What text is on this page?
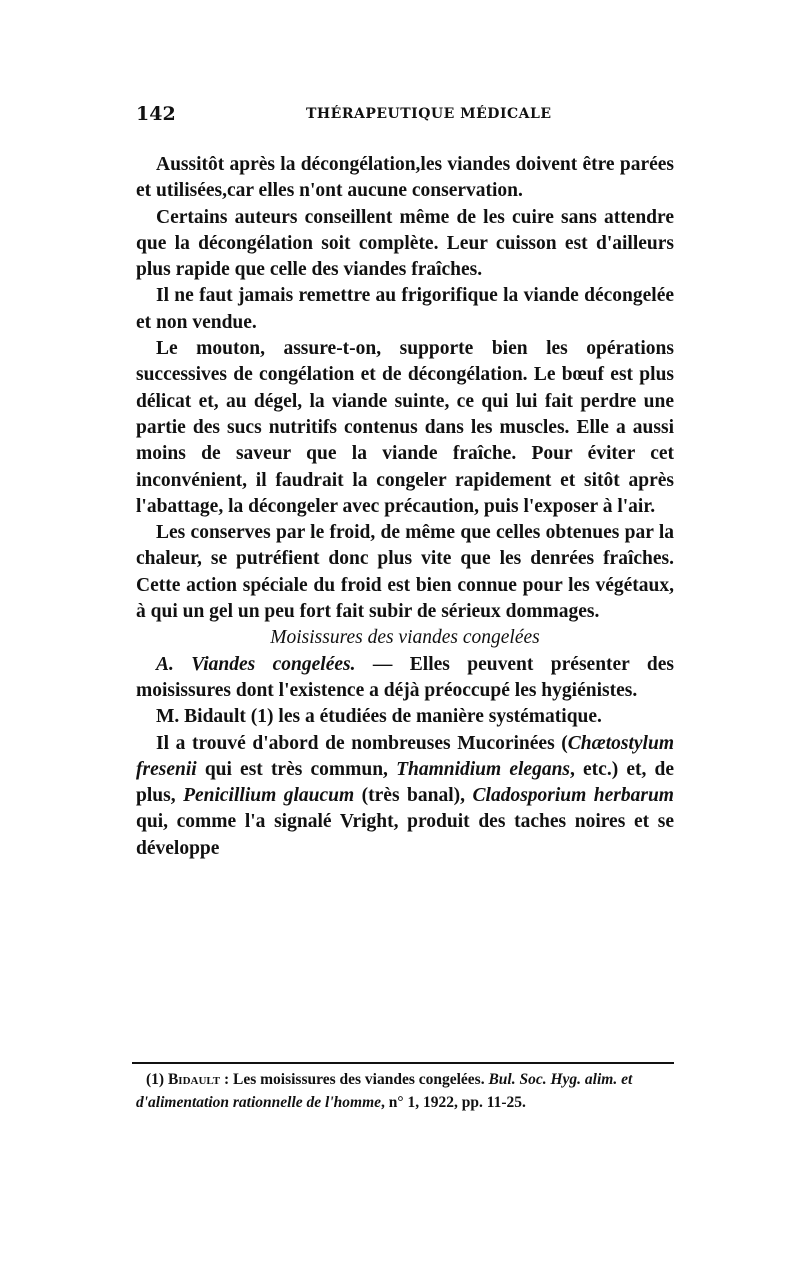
142	THÉRAPEUTIQUE MÉDICALE

Aussitôt après la décongélation,les viandes doivent être parées et utilisées,car elles n'ont aucune conservation.

Certains auteurs conseillent même de les cuire sans attendre que la décongélation soit complète. Leur cuisson est d'ailleurs plus rapide que celle des viandes fraîches.

Il ne faut jamais remettre au frigorifique la viande décongelée et non vendue.

Le mouton, assure-t-on, supporte bien les opérations successives de congélation et de décongélation. Le bœuf est plus délicat et, au dégel, la viande suinte, ce qui lui fait perdre une partie des sucs nutritifs contenus dans les muscles. Elle a aussi moins de saveur que la viande fraîche. Pour éviter cet inconvénient, il faudrait la congeler rapidement et sitôt après l'abattage, la décongeler avec précaution, puis l'exposer à l'air.

Les conserves par le froid, de même que celles obtenues par la chaleur, se putréfient donc plus vite que les denrées fraîches. Cette action spéciale du froid est bien connue pour les végétaux, à qui un gel un peu fort fait subir de sérieux dommages.

Moisissures des viandes congelées

A. Viandes congelées. — Elles peuvent présenter des moisissures dont l'existence a déjà préoccupé les hygiénistes.

M. Bidault (1) les a étudiées de manière systématique.

Il a trouvé d'abord de nombreuses Mucorinées (Chætostylum fresenii qui est très commun, Thamnidium elegans, etc.) et, de plus, Penicillium glaucum (très banal), Cladosporium herbarum qui, comme l'a signalé Vright, produit des taches noires et se développe

(1) Bidault : Les moisissures des viandes congelées. Bul. Soc. Hyg. alim. et d'alimentation rationnelle de l'homme, n° 1, 1922, pp. 11-25.
